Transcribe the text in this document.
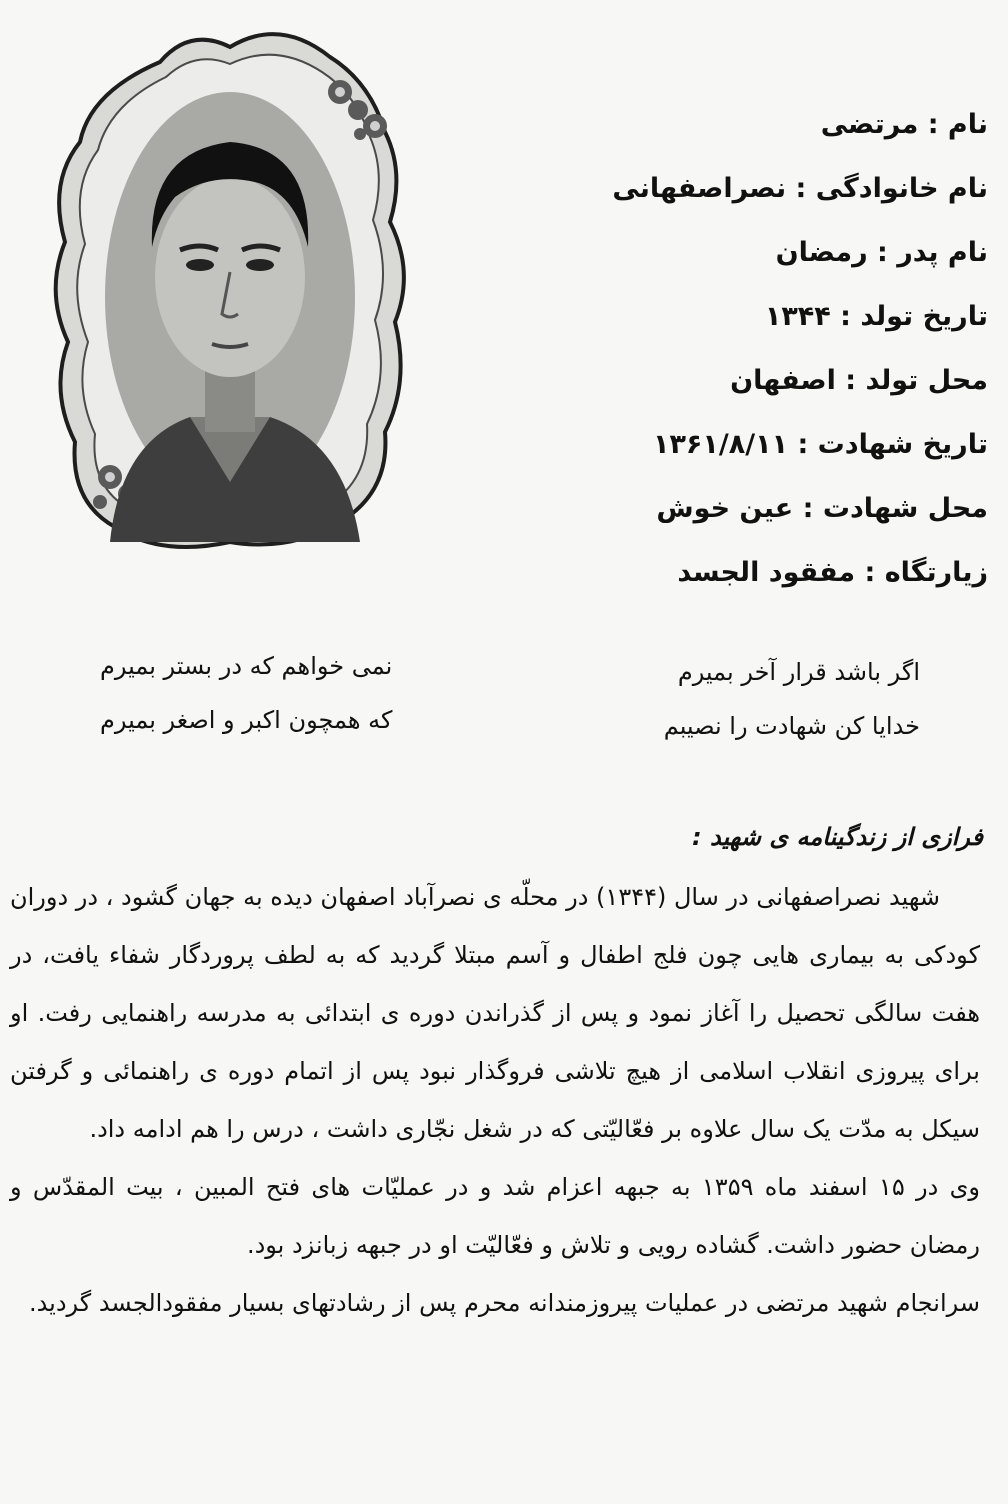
نام : مرتضی
نام خانوادگی : نصراصفهانی
نام پدر : رمضان
تاریخ تولد : ۱۳۴۴
محل تولد : اصفهان
تاریخ شهادت : ۱۳۶۱/۸/۱۱
محل شهادت : عین خوش
زیارتگاه : مفقود الجسد
اگر باشد قرار آخر بمیرم
نمی خواهم که در بستر بمیرم
خدایا کن شهادت را نصیبم
که همچون اکبر و اصغر بمیرم
فرازی از زندگینامه ی شهید :

شهید نصراصفهانی در سال (۱۳۴۴) در محلّه ی نصرآباد اصفهان دیده به جهان گشود ، در دوران کودکی به بیماری هایی چون فلج اطفال و آسم مبتلا گردید که به لطف پروردگار شفاء یافت، در هفت سالگی تحصیل را آغاز نمود و پس از گذراندن دوره ی ابتدائی به مدرسه راهنمایی رفت. او برای پیروزی انقلاب اسلامی از هیچ تلاشی فروگذار نبود پس از اتمام دوره ی راهنمائی و گرفتن سیکل به مدّت یک سال علاوه بر فعّالیّتی که در شغل نجّاری داشت ، درس را هم ادامه داد.

وی در ۱۵ اسفند ماه ۱۳۵۹ به جبهه اعزام شد و در عملیّات های فتح المبین ، بیت المقدّس و رمضان حضور داشت. گشاده رویی و تلاش و فعّالیّت او در جبهه زبانزد بود.

سرانجام شهید مرتضی در عملیات پیروزمندانه محرم پس از رشادتهای بسیار مفقودالجسد گردید.
